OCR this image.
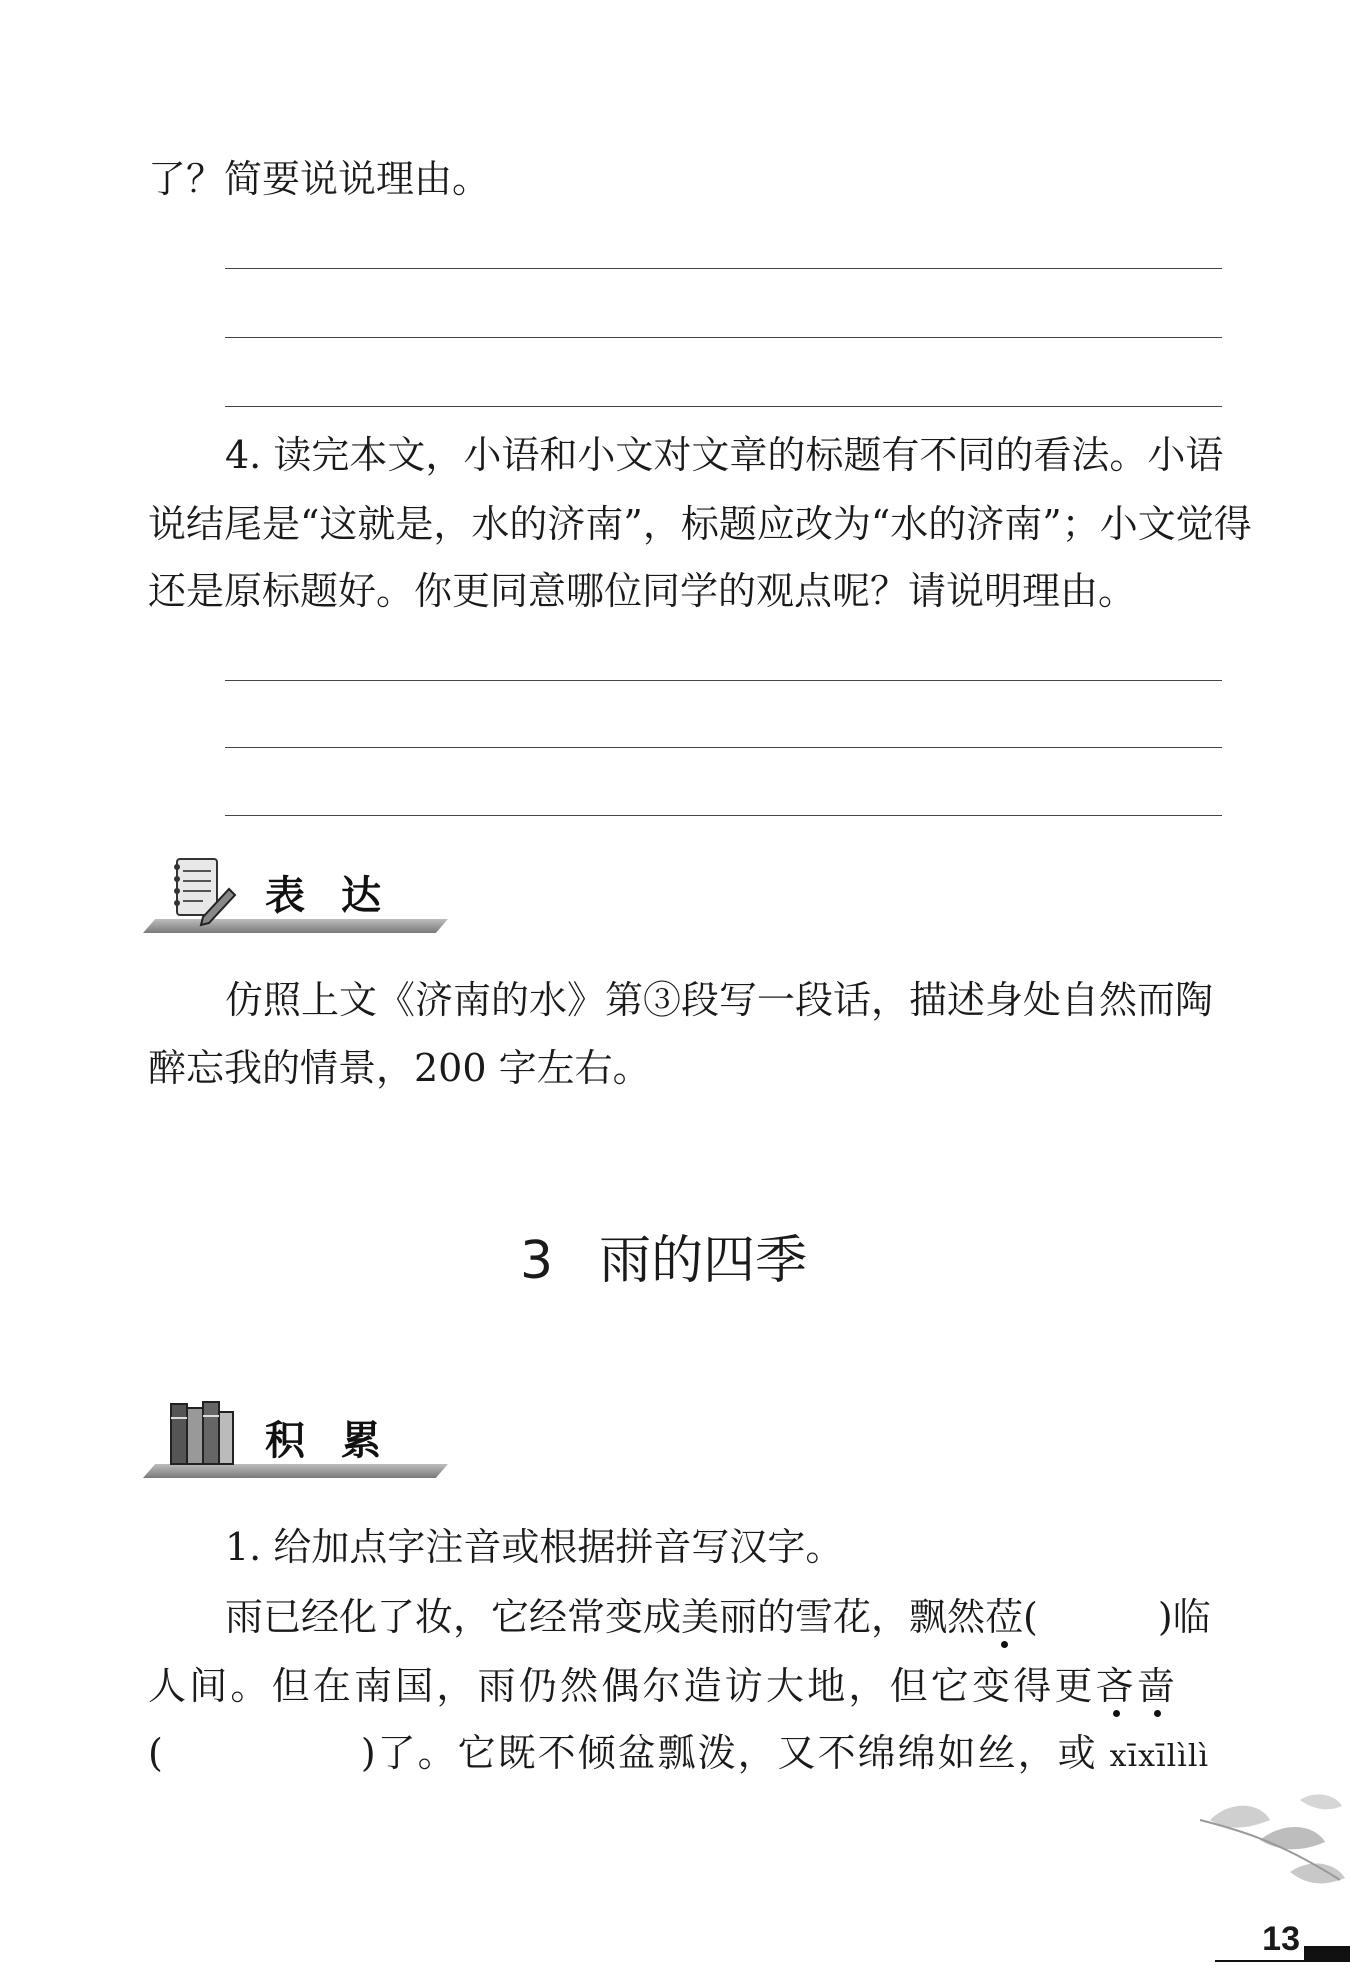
了？简要说说理由。
4. 读完本文，小语和小文对文章的标题有不同的看法。小语
说结尾是“这就是，水的济南”，标题应改为“水的济南”；小文觉得
还是原标题好。你更同意哪位同学的观点呢？请说明理由。
表达
仿照上文《济南的水》第③段写一段话，描述身处自然而陶
醉忘我的情景，200 字左右。
3 雨的四季
积累
1. 给加点字注音或根据拼音写汉字。
雨已经化了妆，它经常变成美丽的雪花，飘然莅(	)临
人间。但在南国，雨仍然偶尔造访大地，但它变得更吝啬
(	)了。它既不倾盆瓢泼，又不绵绵如丝，或 xīxīlìlì
13
